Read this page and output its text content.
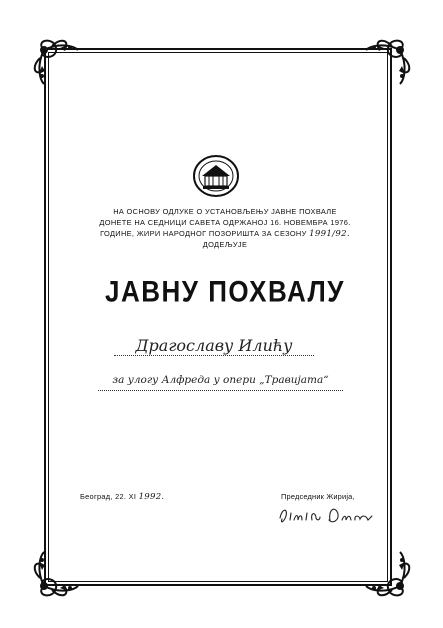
НА ОСНОВУ ОДЛУКЕ О УСТАНОВЉЕЊУ ЈАВНЕ ПОХВАЛЕ
ДОНЕТЕ НА СЕДНИЦИ САВЕТА ОДРЖАНОЈ 16. НОВЕМБРА 1976.
ГОДИНЕ, ЖИРИ НАРОДНОГ ПОЗОРИШТА ЗА СЕЗОНУ 1991/92.
ДОДЕЉУЈЕ
ЈАВНУ ПОХВАЛУ
Драгославу Илићу
за улогу Алфреда у опери „Травијата“
Београд, 22. XI 1992.	Председник Жирија,
